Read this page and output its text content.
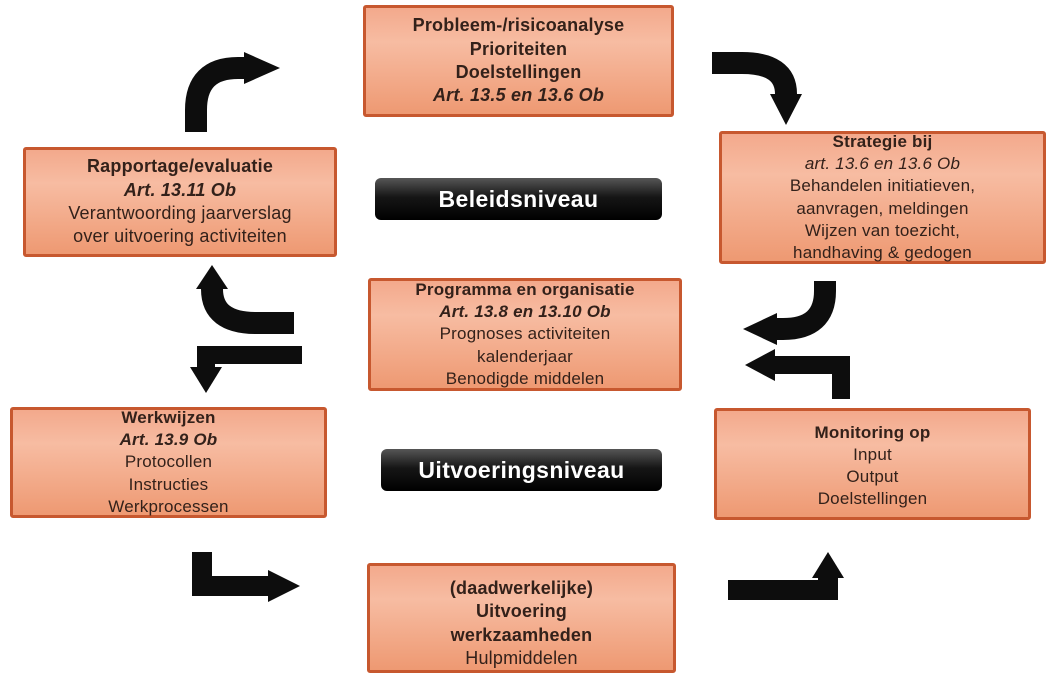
Probleem-/risicoanalyse
Prioriteiten
Doelstellingen
Art. 13.5 en 13.6 Ob
Strategie bij
art. 13.6 en 13.6 Ob
Behandelen initiatieven,
aanvragen, meldingen
Wijzen van toezicht,
handhaving & gedogen
Rapportage/evaluatie
Art. 13.11 Ob
Verantwoording jaarverslag
over uitvoering activiteiten
Beleidsniveau
Programma en organisatie
Art. 13.8 en 13.10 Ob
Prognoses activiteiten
kalenderjaar
Benodigde middelen
Werkwijzen
Art. 13.9 Ob
Protocollen
Instructies
Werkprocessen
Uitvoeringsniveau
Monitoring op
Input
Output
Doelstellingen
(daadwerkelijke)
Uitvoering
werkzaamheden
Hulpmiddelen
